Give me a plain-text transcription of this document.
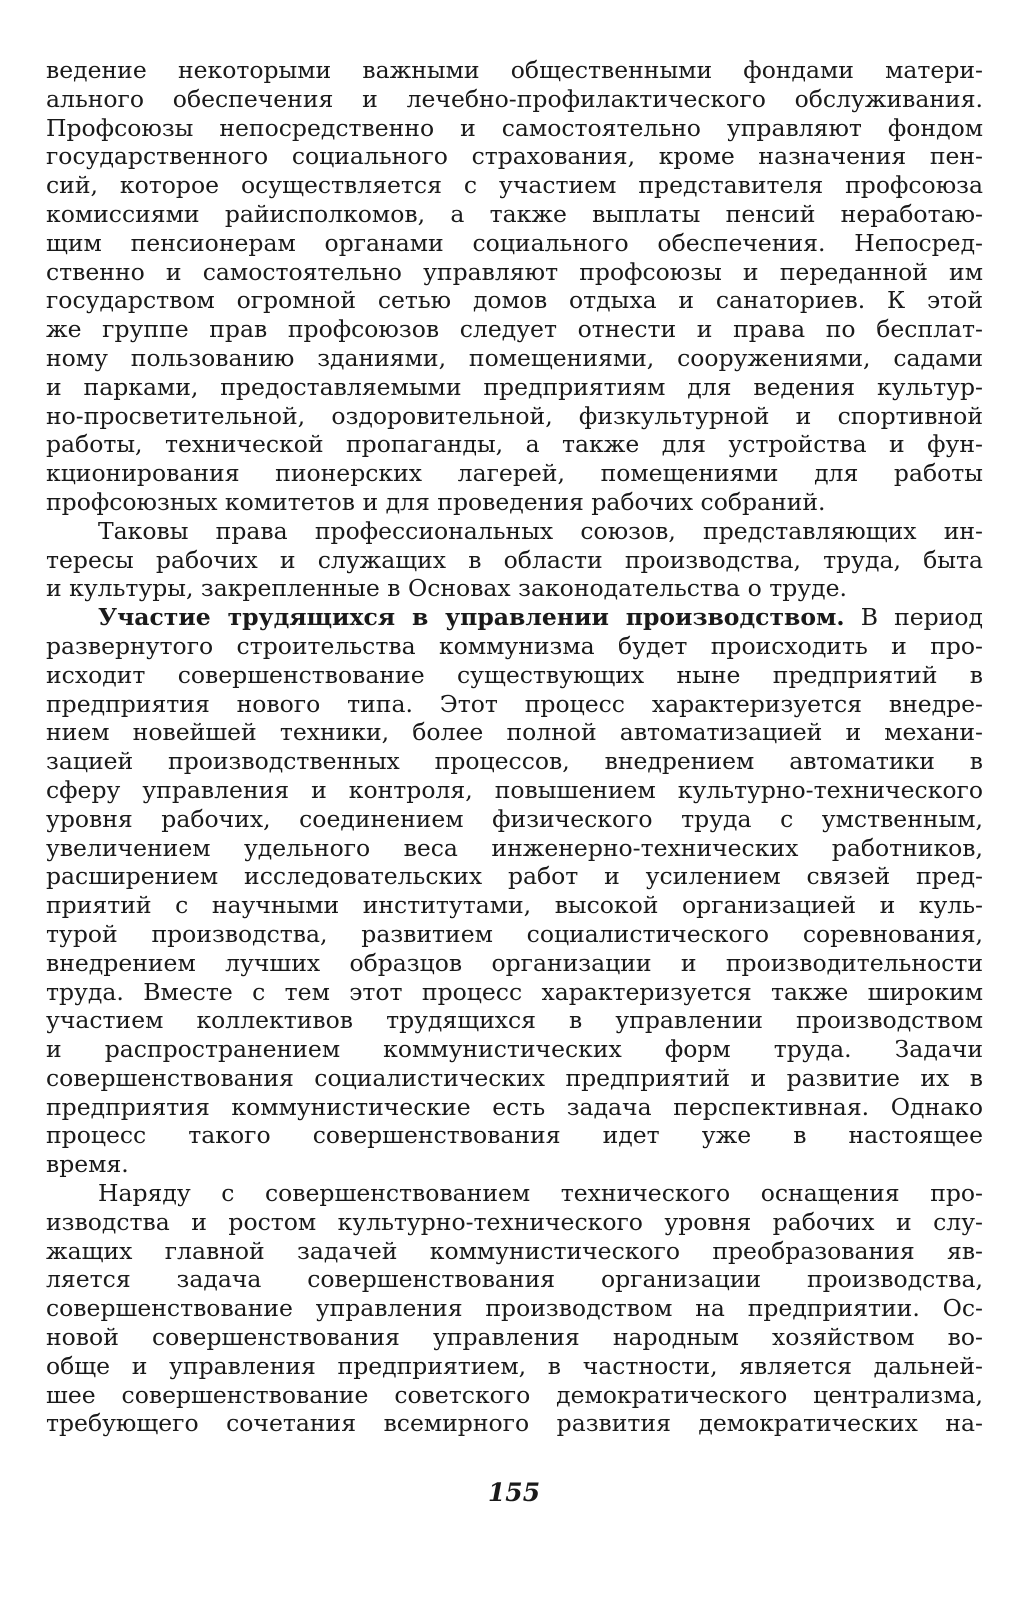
ведение некоторыми важными общественными фондами матери-
ального обеспечения и лечебно-профилактического обслуживания.
Профсоюзы непосредственно и самостоятельно управляют фондом
государственного социального страхования, кроме назначения пен-
сий, которое осуществляется с участием представителя профсоюза
комиссиями райисполкомов, а также выплаты пенсий неработаю-
щим пенсионерам органами социального обеспечения. Непосред-
ственно и самостоятельно управляют профсоюзы и переданной им
государством огромной сетью домов отдыха и санаториев. К этой
же группе прав профсоюзов следует отнести и права по бесплат-
ному пользованию зданиями, помещениями, сооружениями, садами
и парками, предоставляемыми предприятиям для ведения культур-
но-просветительной, оздоровительной, физкультурной и спортивной
работы, технической пропаганды, а также для устройства и фун-
кционирования пионерских лагерей, помещениями для работы
профсоюзных комитетов и для проведения рабочих собраний.
Таковы права профессиональных союзов, представляющих ин-
тересы рабочих и служащих в области производства, труда, быта
и культуры, закрепленные в Основах законодательства о труде.
Участие трудящихся в управлении производством. В период
развернутого строительства коммунизма будет происходить и про-
исходит совершенствование существующих ныне предприятий в
предприятия нового типа. Этот процесс характеризуется внедре-
нием новейшей техники, более полной автоматизацией и механи-
зацией производственных процессов, внедрением автоматики в
сферу управления и контроля, повышением культурно-технического
уровня рабочих, соединением физического труда с умственным,
увеличением удельного веса инженерно-технических работников,
расширением исследовательских работ и усилением связей пред-
приятий с научными институтами, высокой организацией и куль-
турой производства, развитием социалистического соревнования,
внедрением лучших образцов организации и производительности
труда. Вместе с тем этот процесс характеризуется также широким
участием коллективов трудящихся в управлении производством
и распространением коммунистических форм труда. Задачи
совершенствования социалистических предприятий и развитие их в
предприятия коммунистические есть задача перспективная. Однако
процесс такого совершенствования идет уже в настоящее
время.
Наряду с совершенствованием технического оснащения про-
изводства и ростом культурно-технического уровня рабочих и слу-
жащих главной задачей коммунистического преобразования яв-
ляется задача совершенствования организации производства,
совершенствование управления производством на предприятии. Ос-
новой совершенствования управления народным хозяйством во-
обще и управления предприятием, в частности, является дальней-
шее совершенствование советского демократического централизма,
требующего сочетания всемирного развития демократических на-
155
